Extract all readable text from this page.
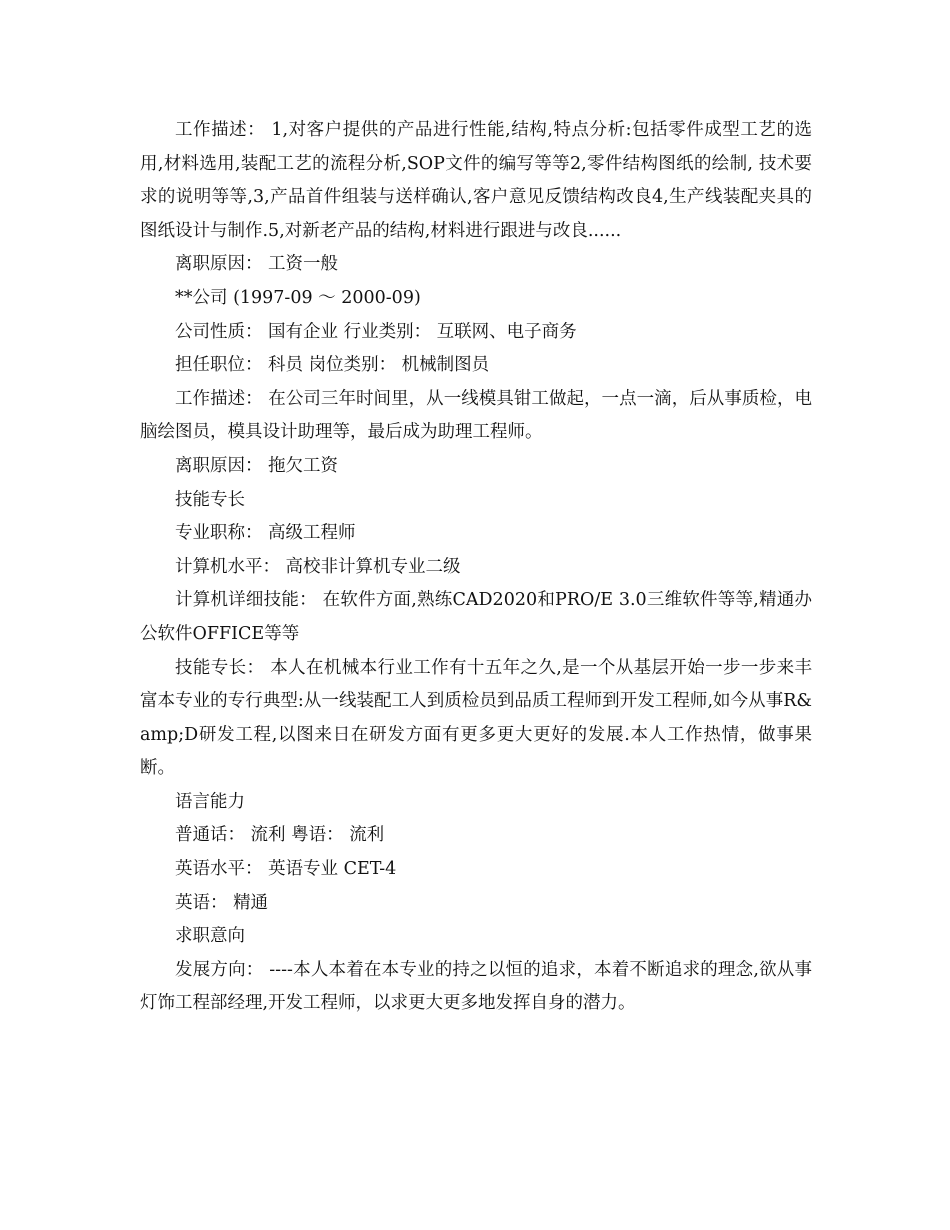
工作描述： 1,对客户提供的产品进行性能,结构,特点分析:包括零件成型工艺的选用,材料选用,装配工艺的流程分析,SOP文件的编写等等2,零件结构图纸的绘制, 技术要求的说明等等,3,产品首件组装与送样确认,客户意见反馈结构改良4,生产线装配夹具的图纸设计与制作.5,对新老产品的结构,材料进行跟进与改良......

离职原因： 工资一般

**公司 (1997-09 ～ 2000-09)

公司性质： 国有企业 行业类别： 互联网、电子商务

担任职位： 科员 岗位类别： 机械制图员

工作描述： 在公司三年时间里，从一线模具钳工做起，一点一滴，后从事质检，电脑绘图员，模具设计助理等，最后成为助理工程师。

离职原因： 拖欠工资

技能专长

专业职称： 高级工程师

计算机水平： 高校非计算机专业二级

计算机详细技能： 在软件方面,熟练CAD2020和PRO/E 3.0三维软件等等,精通办公软件OFFICE等等

技能专长： 本人在机械本行业工作有十五年之久,是一个从基层开始一步一步来丰富本专业的专行典型:从一线装配工人到质检员到品质工程师到开发工程师,如今从事R&amp;D研发工程,以图来日在研发方面有更多更大更好的发展.本人工作热情，做事果断。

语言能力

普通话： 流利 粤语： 流利

英语水平： 英语专业 CET-4

英语： 精通

求职意向

发展方向： ----本人本着在本专业的持之以恒的追求，本着不断追求的理念,欲从事灯饰工程部经理,开发工程师，以求更大更多地发挥自身的潜力。
